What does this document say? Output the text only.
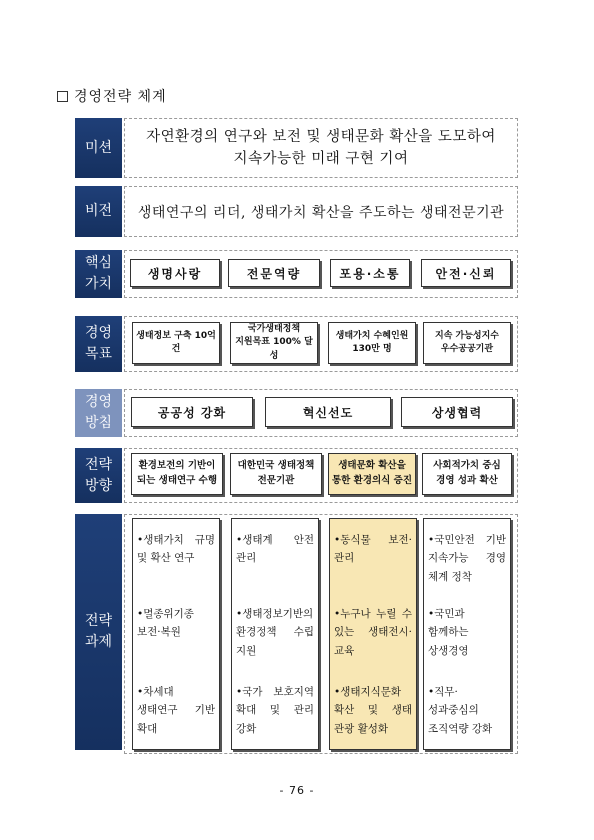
경영전략 체계
미션
자연환경의 연구와 보전 및 생태문화 확산을 도모하여
지속가능한 미래 구현 기여
비전	생태연구의 리더, 생태가치 확산을 주도하는 생태전문기관
핵심
가치
생명사랑	전문역량	포용·소통	안전·신뢰
경영
목표
생태정보 구축 10억
건
국가생태정책
지원목표 100% 달성
생태가치 수혜인원
130만 명
지속 가능성지수
우수공공기관
경영
방침
공공성 강화	혁신선도	상생협력
전략
방향
환경보전의 기반이
되는 생태연구 수행
대한민국 생태정책
전문기관
생태문화 확산을
통한 환경의식 증진
사회적가치 중심
경영 성과 확산
전략
과제
•생태가치 규명 및 확산 연구
•멸종위기종 보전·복원
•차세대 생태연구 기반 확대
•생태계 안전 관리
•생태정보기반의 환경정책 수립 지원
•국가 보호지역 확대 및 관리 강화
•동식물 보전· 관리
•누구나 누릴 수 있는 생태전시· 교육
•생태지식문화 확산 및 생태 관광 활성화
•국민안전 기반 지속가능 경영 체계 정착
•국민과 함께하는 상생경영
•직무·성과중심의 조직역량 강화
- 76 -
